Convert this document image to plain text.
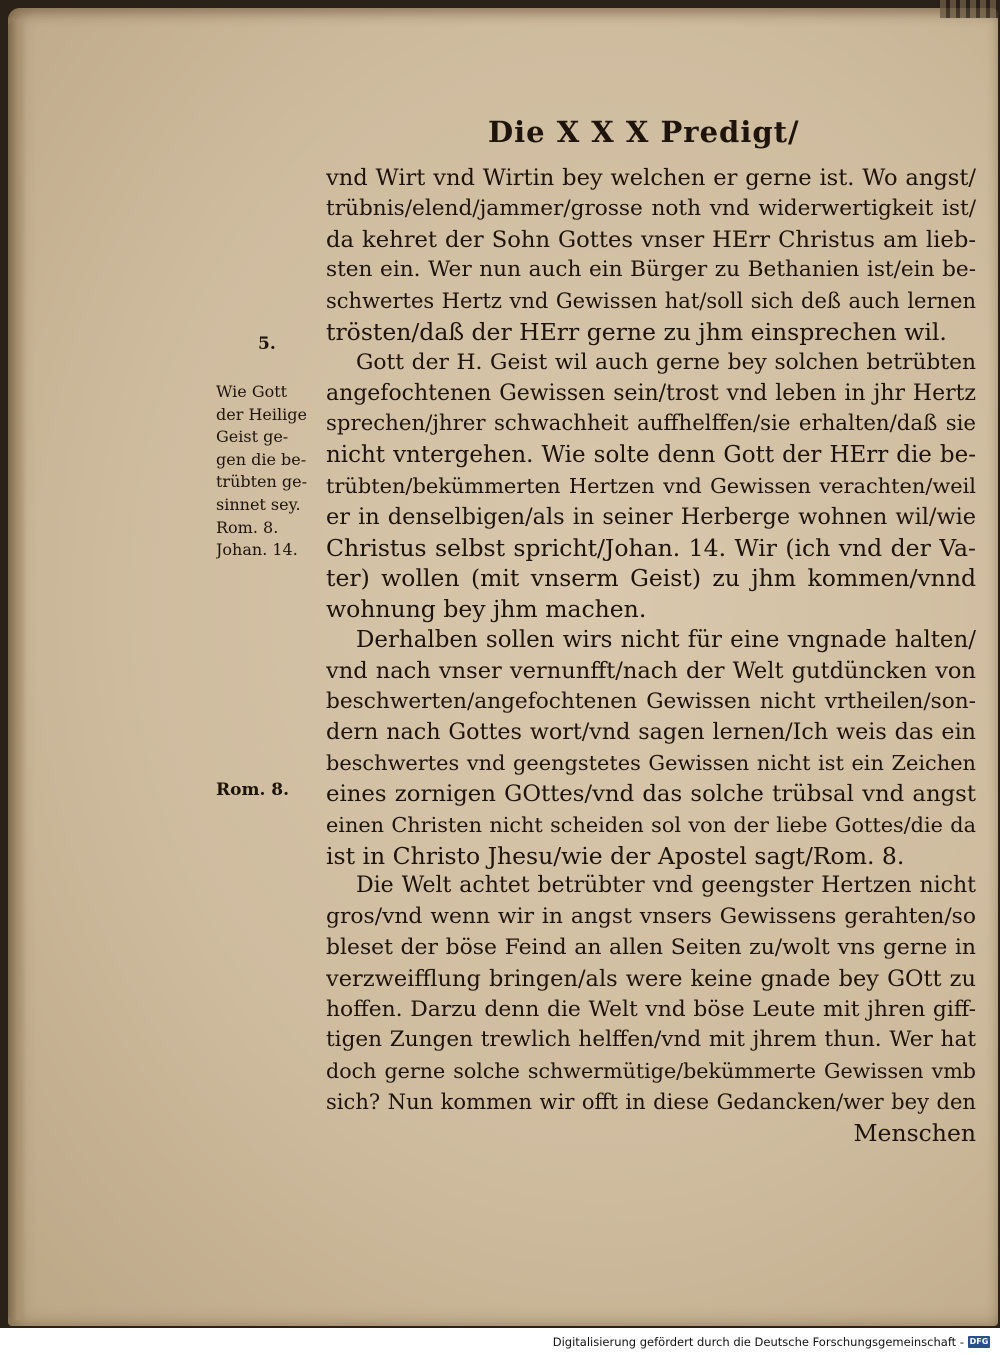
Die X X X Predigt/
5.
Wie Gott
der Heilige
Geist ge-
gen die be-
trübten ge-
sinnet sey.
Rom. 8.
Johan. 14.
Rom. 8.
vnd Wirt vnd Wirtin bey welchen er gerne ist. Wo angst/
trübnis/elend/jammer/grosse noth vnd widerwertigkeit ist/
da kehret der Sohn Gottes vnser HErr Christus am lieb-
sten ein. Wer nun auch ein Bürger zu Bethanien ist/ein be-
schwertes Hertz vnd Gewissen hat/soll sich deß auch lernen
trösten/daß der HErr gerne zu jhm einsprechen wil.
Gott der H. Geist wil auch gerne bey solchen betrübten
angefochtenen Gewissen sein/trost vnd leben in jhr Hertz
sprechen/jhrer schwachheit auffhelffen/sie erhalten/daß sie
nicht vntergehen. Wie solte denn Gott der HErr die be-
trübten/bekümmerten Hertzen vnd Gewissen verachten/weil
er in denselbigen/als in seiner Herberge wohnen wil/wie
Christus selbst spricht/Johan. 14. Wir (ich vnd der Va-
ter) wollen (mit vnserm Geist) zu jhm kommen/vnnd
wohnung bey jhm machen.
Derhalben sollen wirs nicht für eine vngnade halten/
vnd nach vnser vernunfft/nach der Welt gutdüncken von
beschwerten/angefochtenen Gewissen nicht vrtheilen/son-
dern nach Gottes wort/vnd sagen lernen/Ich weis das ein
beschwertes vnd geengstetes Gewissen nicht ist ein Zeichen
eines zornigen GOttes/vnd das solche trübsal vnd angst
einen Christen nicht scheiden sol von der liebe Gottes/die da
ist in Christo Jhesu/wie der Apostel sagt/Rom. 8.
Die Welt achtet betrübter vnd geengster Hertzen nicht
gros/vnd wenn wir in angst vnsers Gewissens gerahten/so
bleset der böse Feind an allen Seiten zu/wolt vns gerne in
verzweifflung bringen/als were keine gnade bey GOtt zu
hoffen. Darzu denn die Welt vnd böse Leute mit jhren giff-
tigen Zungen trewlich helffen/vnd mit jhrem thun. Wer hat
doch gerne solche schwermütige/bekümmerte Gewissen vmb
sich? Nun kommen wir offt in diese Gedancken/wer bey den
Menschen
Digitalisierung gefördert durch die Deutsche Forschungsgemeinschaft - DFG
